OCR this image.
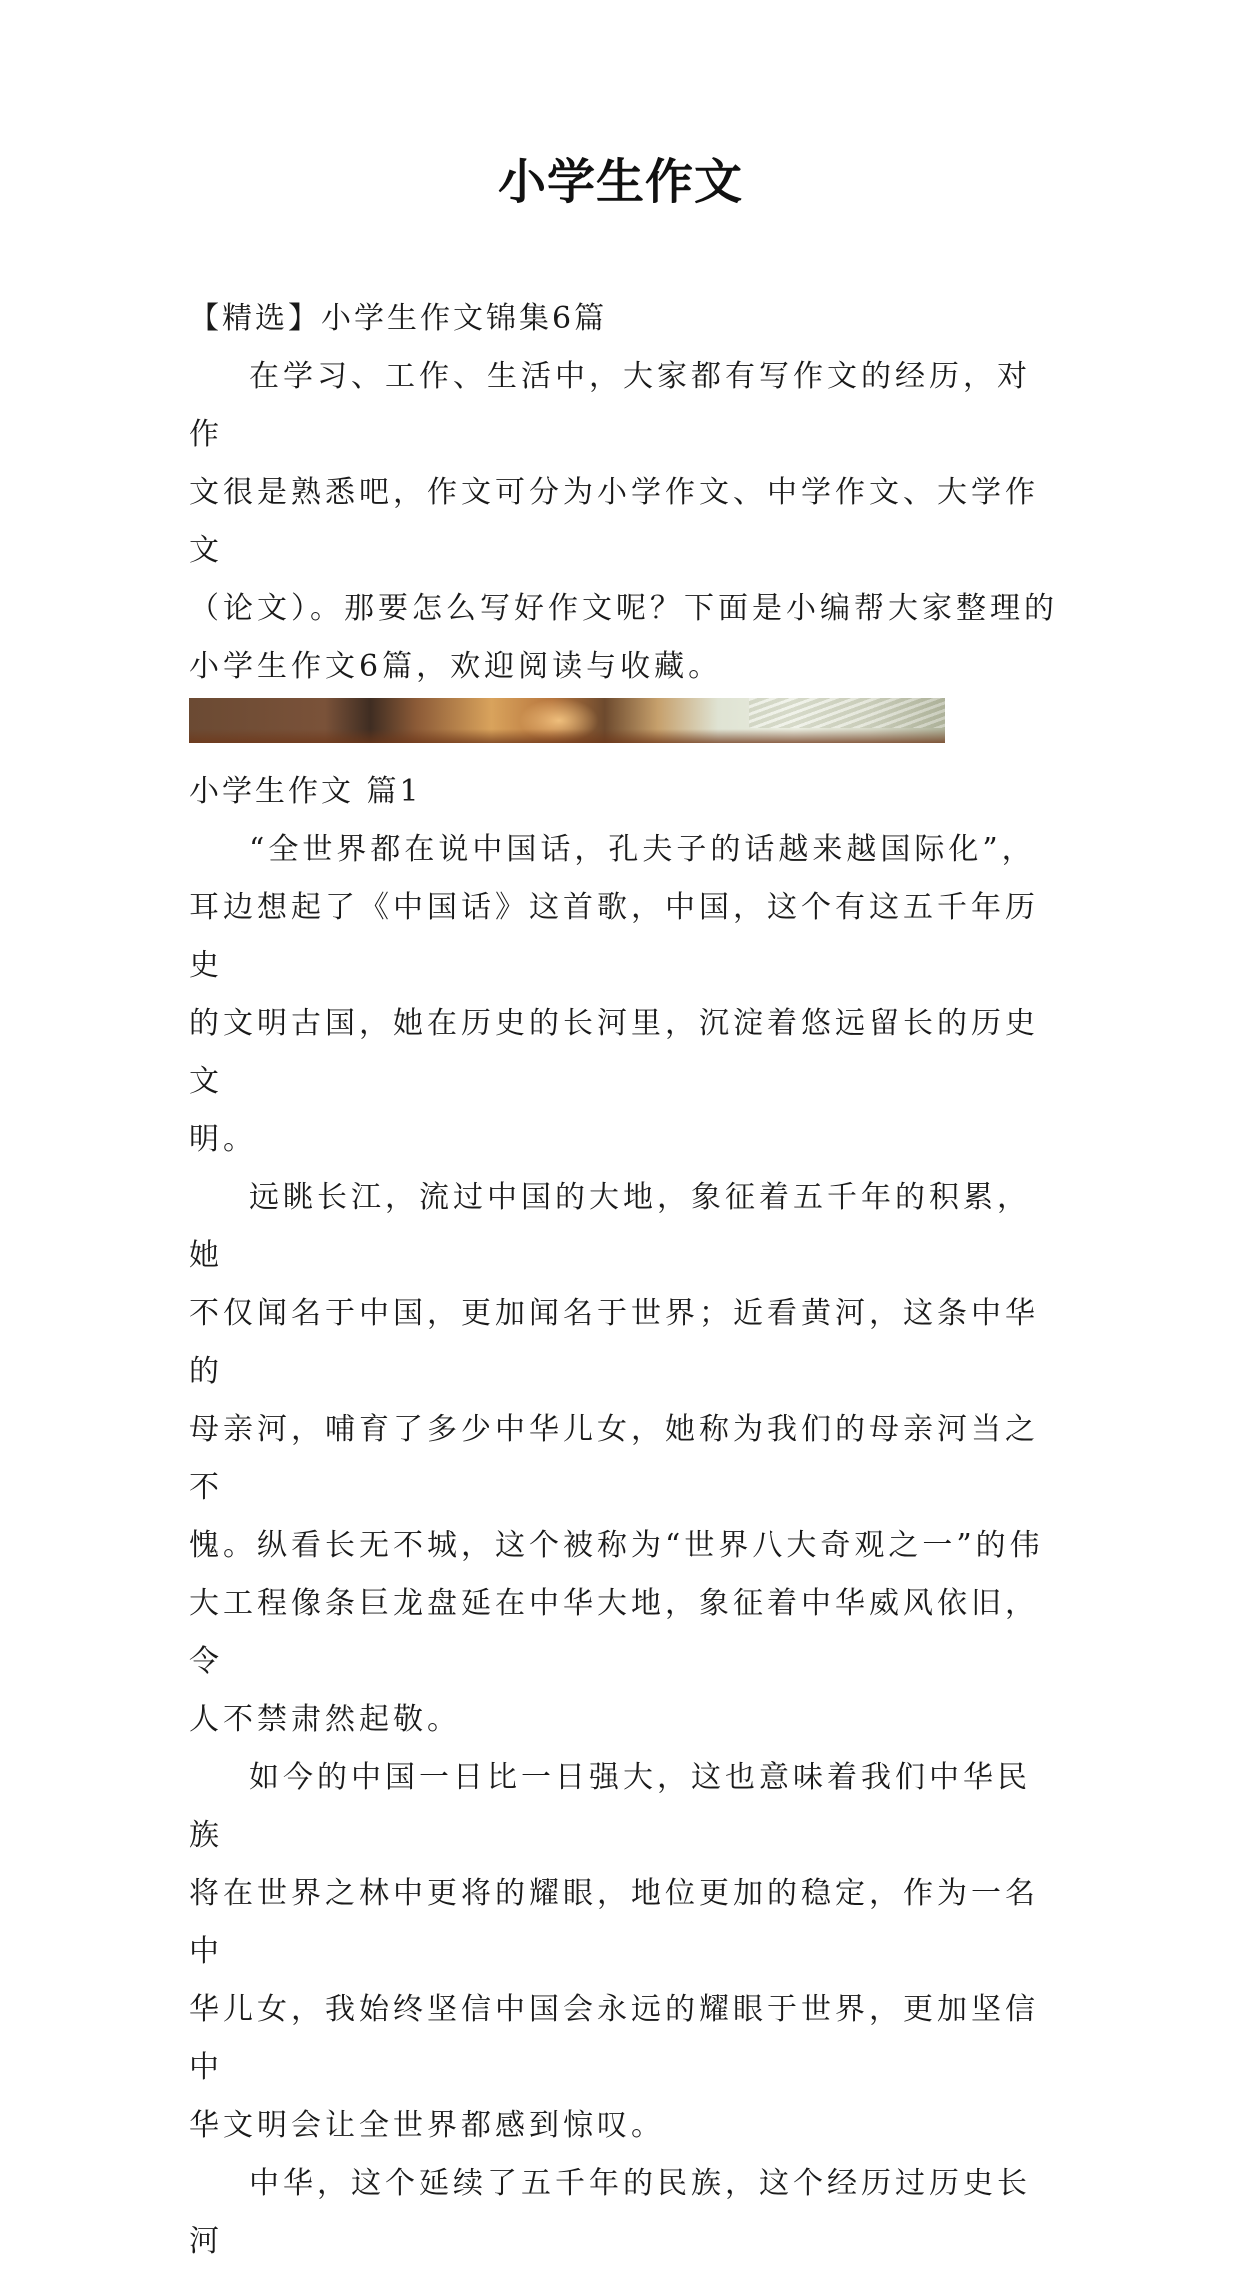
小学生作文

【精选】小学生作文锦集6篇

在学习、工作、生活中，大家都有写作文的经历，对作
文很是熟悉吧，作文可分为小学作文、中学作文、大学作文
（论文）。那要怎么写好作文呢？下面是小编帮大家整理的
小学生作文6篇，欢迎阅读与收藏。

小学生作文 篇1

“全世界都在说中国话，孔夫子的话越来越国际化”，
耳边想起了《中国话》这首歌，中国，这个有这五千年历史
的文明古国，她在历史的长河里，沉淀着悠远留长的历史文
明。
远眺长江，流过中国的大地，象征着五千年的积累，她
不仅闻名于中国，更加闻名于世界；近看黄河，这条中华的
母亲河，哺育了多少中华儿女，她称为我们的母亲河当之不
愧。纵看长无不城，这个被称为“世界八大奇观之一”的伟
大工程像条巨龙盘延在中华大地，象征着中华威风依旧，令
人不禁肃然起敬。
如今的中国一日比一日强大，这也意味着我们中华民族
将在世界之林中更将的耀眼，地位更加的稳定，作为一名中
华儿女，我始终坚信中国会永远的耀眼于世界，更加坚信中
华文明会让全世界都感到惊叹。
中华，这个延续了五千年的民族，这个经历过历史长河
